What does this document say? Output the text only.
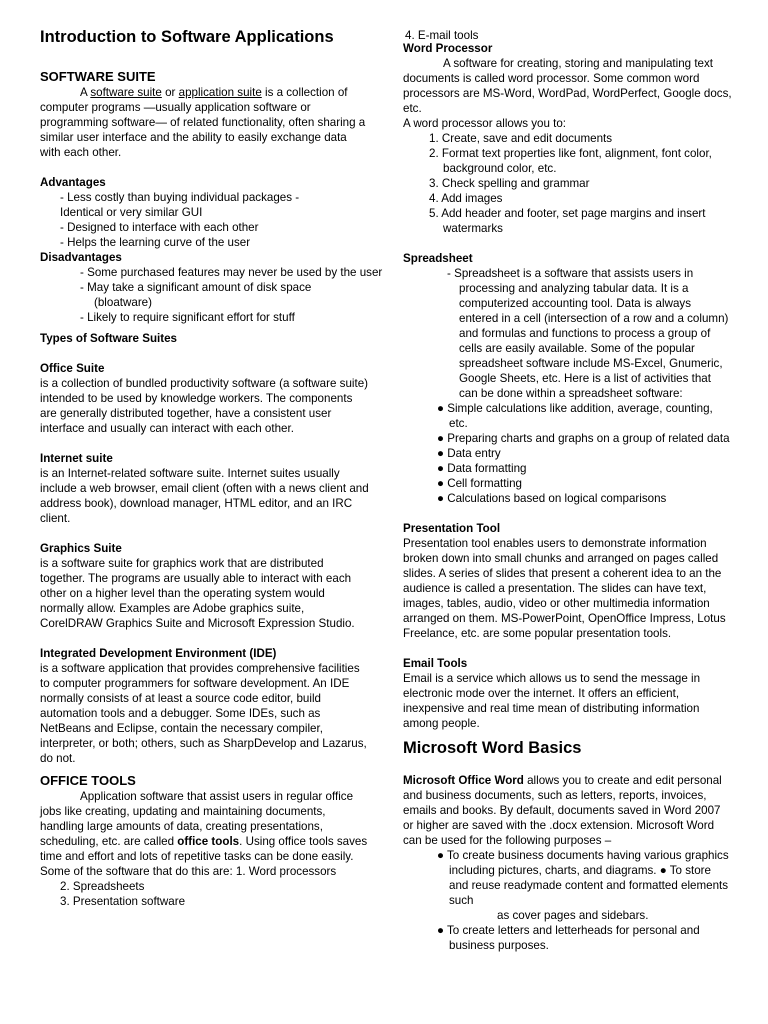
Introduction to Software Applications

SOFTWARE SUITE

A software suite or application suite is a collection of

computer programs —usually application software or programming software— of related functionality, often sharing a similar user interface and the ability to easily exchange data with each other.

Advantages

- Less costly than buying individual packages -

Identical or very similar GUI

- Designed to interface with each other

- Helps the learning curve of the user

Disadvantages

- Some purchased features may never be used by the user

- May take a significant amount of disk space (bloatware)

- Likely to require significant effort for stuff

Types of Software Suites

Office Suite

is a collection of bundled productivity software (a software suite) intended to be used by knowledge workers. The components are generally distributed together, have a consistent user interface and usually can interact with each other.

Internet suite

is an Internet-related software suite. Internet suites usually include a web browser, email client (often with a news client and address book), download manager, HTML editor, and an IRC client.

Graphics Suite

is a software suite for graphics work that are distributed together. The programs are usually able to interact with each other on a higher level than the operating system would normally allow. Examples are Adobe graphics suite, CorelDRAW Graphics Suite and Microsoft Expression Studio.

Integrated Development Environment (IDE)

is a software application that provides comprehensive facilities to computer programmers for software development. An IDE normally consists of at least a source code editor, build automation tools and a debugger. Some IDEs, such as NetBeans and Eclipse, contain the necessary compiler, interpreter, or both; others, such as SharpDevelop and Lazarus, do not.

OFFICE TOOLS

Application software that assist users in regular office jobs like creating, updating and maintaining documents, handling large amounts of data, creating presentations, scheduling, etc. are called office tools. Using office tools saves time and effort and lots of repetitive tasks can be done easily. Some of the software that do this are: 1. Word processors

2. Spreadsheets

3. Presentation software

4. E-mail tools

Word Processor

A software for creating, storing and manipulating text documents is called word processor. Some common word processors are MS-Word, WordPad, WordPerfect, Google docs, etc.

A word processor allows you to:

1. Create, save and edit documents

2. Format text properties like font, alignment, font color, background color, etc.

3. Check spelling and grammar

4. Add images

5. Add header and footer, set page margins and insert watermarks

Spreadsheet

- Spreadsheet is a software that assists users in processing and analyzing tabular data. It is a computerized accounting tool. Data is always entered in a cell (intersection of a row and a column) and formulas and functions to process a group of cells are easily available. Some of the popular spreadsheet software include MS-Excel, Gnumeric, Google Sheets, etc. Here is a list of activities that can be done within a spreadsheet software:

● Simple calculations like addition, average, counting, etc.

● Preparing charts and graphs on a group of related data

● Data entry

● Data formatting

● Cell formatting

● Calculations based on logical comparisons

Presentation Tool

Presentation tool enables users to demonstrate information broken down into small chunks and arranged on pages called slides. A series of slides that present a coherent idea to an the audience is called a presentation. The slides can have text, images, tables, audio, video or other multimedia information arranged on them. MS-PowerPoint, OpenOffice Impress, Lotus Freelance, etc. are some popular presentation tools.

Email Tools

Email is a service which allows us to send the message in electronic mode over the internet. It offers an efficient, inexpensive and real time mean of distributing information among people.

Microsoft Word Basics

Microsoft Office Word allows you to create and edit personal and business documents, such as letters, reports, invoices, emails and books. By default, documents saved in Word 2007 or higher are saved with the .docx extension. Microsoft Word can be used for the following purposes –

● To create business documents having various graphics including pictures, charts, and diagrams. ● To store and reuse readymade content and formatted elements such

as cover pages and sidebars.

● To create letters and letterheads for personal and business purposes.
